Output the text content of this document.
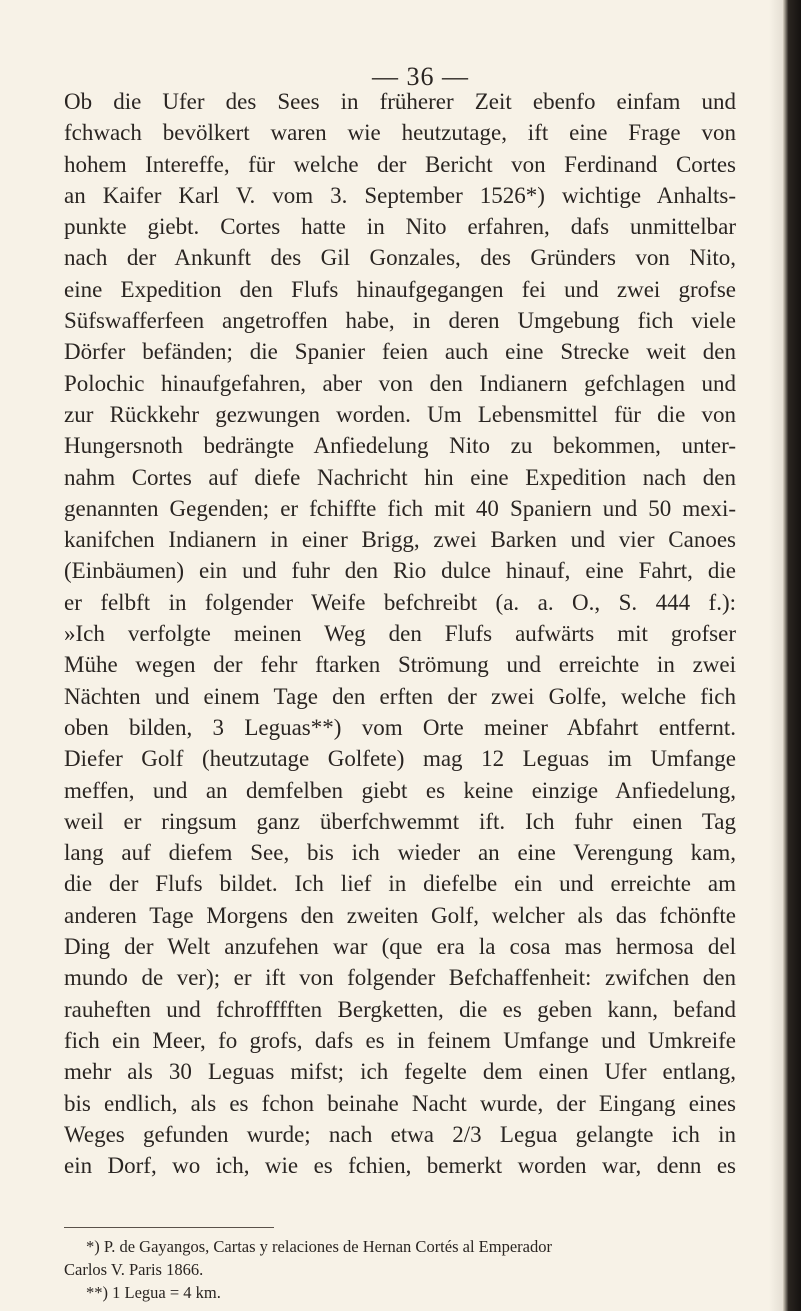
— 36 —
Ob die Ufer des Sees in früherer Zeit ebenfo einfam und
fchwach bevölkert waren wie heutzutage, ift eine Frage von
hohem Intereffe, für welche der Bericht von Ferdinand Cortes
an Kaifer Karl V. vom 3. September 1526*) wichtige Anhalts-
punkte giebt. Cortes hatte in Nito erfahren, dafs unmittelbar
nach der Ankunft des Gil Gonzales, des Gründers von Nito,
eine Expedition den Flufs hinaufgegangen fei und zwei grofse
Süfswafferfeen angetroffen habe, in deren Umgebung fich viele
Dörfer befänden; die Spanier feien auch eine Strecke weit den
Polochic hinaufgefahren, aber von den Indianern gefchlagen und
zur Rückkehr gezwungen worden. Um Lebensmittel für die von
Hungersnoth bedrängte Anfiedelung Nito zu bekommen, unter-
nahm Cortes auf diefe Nachricht hin eine Expedition nach den
genannten Gegenden; er fchiffte fich mit 40 Spaniern und 50 mexi-
kanifchen Indianern in einer Brigg, zwei Barken und vier Canoes
(Einbäumen) ein und fuhr den Rio dulce hinauf, eine Fahrt, die
er felbft in folgender Weife befchreibt (a. a. O., S. 444 f.):
»Ich verfolgte meinen Weg den Flufs aufwärts mit grofser
Mühe wegen der fehr ftarken Strömung und erreichte in zwei
Nächten und einem Tage den erften der zwei Golfe, welche fich
oben bilden, 3 Leguas**) vom Orte meiner Abfahrt entfernt.
Diefer Golf (heutzutage Golfete) mag 12 Leguas im Umfange
meffen, und an demfelben giebt es keine einzige Anfiedelung,
weil er ringsum ganz überfchwemmt ift. Ich fuhr einen Tag
lang auf diefem See, bis ich wieder an eine Verengung kam,
die der Flufs bildet. Ich lief in diefelbe ein und erreichte am
anderen Tage Morgens den zweiten Golf, welcher als das fchönfte
Ding der Welt anzufehen war (que era la cosa mas hermosa del
mundo de ver); er ift von folgender Befchaffenheit: zwifchen den
rauheften und fchrofffften Bergketten, die es geben kann, befand
fich ein Meer, fo grofs, dafs es in feinem Umfange und Umkreife
mehr als 30 Leguas mifst; ich fegelte dem einen Ufer entlang,
bis endlich, als es fchon beinahe Nacht wurde, der Eingang eines
Weges gefunden wurde; nach etwa 2/3 Legua gelangte ich in
ein Dorf, wo ich, wie es fchien, bemerkt worden war, denn es
*) P. de Gayangos, Cartas y relaciones de Hernan Cortés al Emperador
Carlos V. Paris 1866.
**) 1 Legua = 4 km.
